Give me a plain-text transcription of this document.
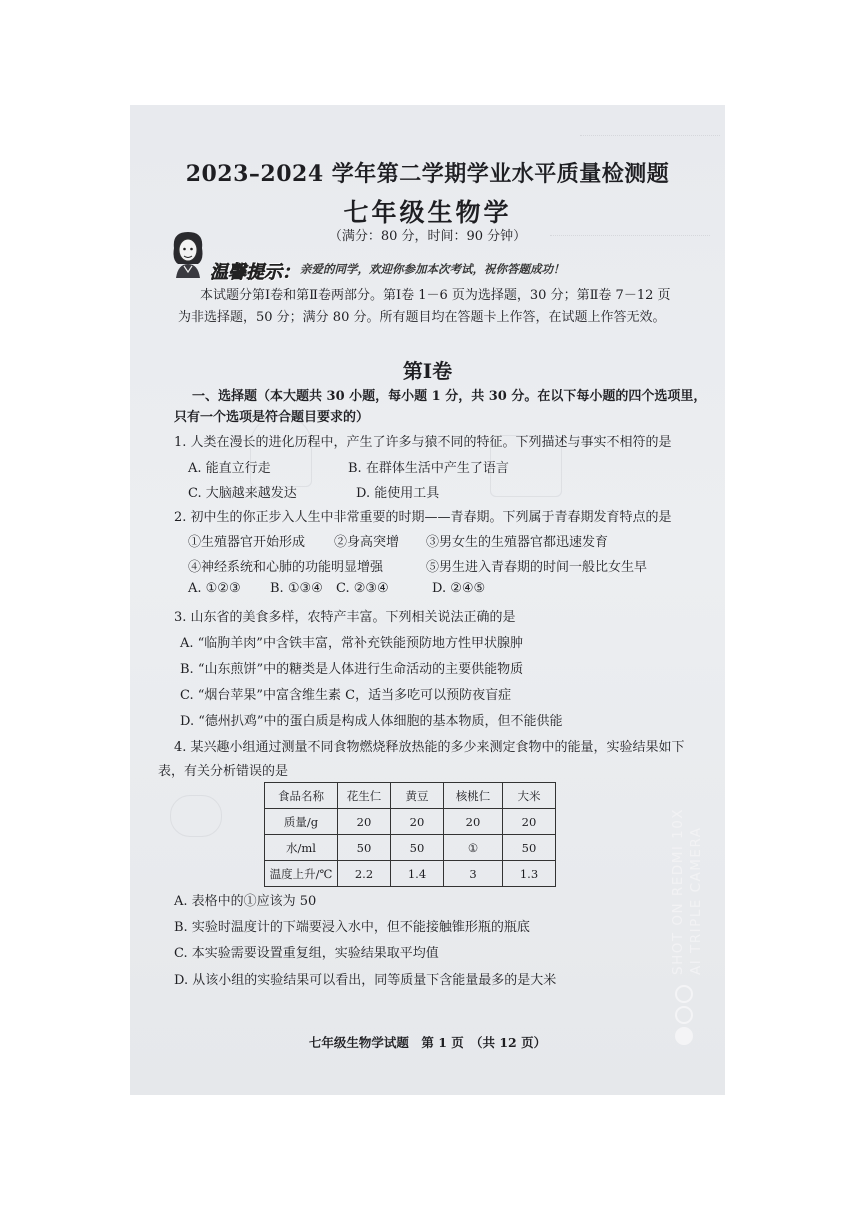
2023–2024 学年第二学期学业水平质量检测题
七年级生物学
（满分：80 分，时间：90 分钟）
温馨提示： 亲爱的同学，欢迎你参加本次考试，祝你答题成功！
本试题分第Ⅰ卷和第Ⅱ卷两部分。第Ⅰ卷 1－6 页为选择题，30 分；第Ⅱ卷 7－12 页
为非选择题，50 分；满分 80 分。所有题目均在答题卡上作答，在试题上作答无效。
第Ⅰ卷
一、选择题（本大题共 30 小题，每小题 1 分，共 30 分。在以下每小题的四个选项里，
只有一个选项是符合题目要求的）
1. 人类在漫长的进化历程中，产生了许多与猿不同的特征。下列描述与事实不相符的是
A. 能直立行走	B. 在群体生活中产生了语言
C. 大脑越来越发达	D. 能使用工具
2. 初中生的你正步入人生中非常重要的时期——青春期。下列属于青春期发育特点的是
①生殖器官开始形成 ②身高突增 ③男女生的生殖器官都迅速发育
④神经系统和心肺的功能明显增强	⑤男生进入青春期的时间一般比女生早
A. ①②③ B. ①③④ C. ②③④	D. ②④⑤
3. 山东省的美食多样，农特产丰富。下列相关说法正确的是
A. “临朐羊肉”中含铁丰富，常补充铁能预防地方性甲状腺肿
B. “山东煎饼”中的糖类是人体进行生命活动的主要供能物质
C. “烟台苹果”中富含维生素 C，适当多吃可以预防夜盲症
D. “德州扒鸡”中的蛋白质是构成人体细胞的基本物质，但不能供能
4. 某兴趣小组通过测量不同食物燃烧释放热能的多少来测定食物中的能量，实验结果如下
表，有关分析错误的是
食品名称	花生仁	黄豆	核桃仁	大米
质量/g	20	20	20	20
水/ml	50	50	①	50
温度上升/℃	2.2	1.4	3	1.3
A. 表格中的①应该为 50
B. 实验时温度计的下端要浸入水中，但不能接触锥形瓶的瓶底
C. 本实验需要设置重复组，实验结果取平均值
D. 从该小组的实验结果可以看出，同等质量下含能量最多的是大米
七年级生物学试题　第 1 页　（共 12 页）
SHOT ON REDMI 10X AI TRIPLE CAMERA
